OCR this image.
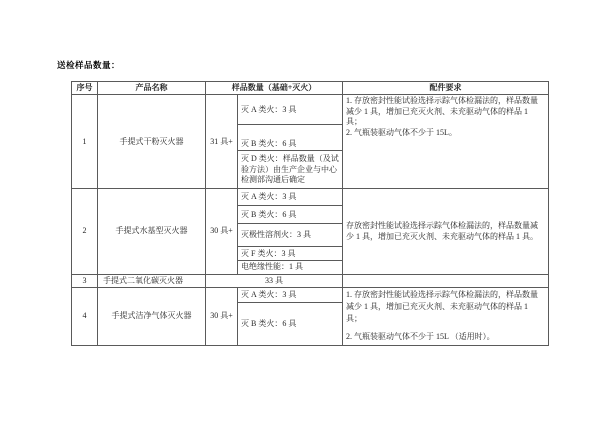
送检样品数量：
序号	产品名称	样品数量（基础+灭火）		配件要求
1	手提式干粉灭火器	31 具+	灭 A 类火：3 具	1. 存放密封性能试验选择示踪气体检漏法的，样品数量减少 1 具，增加已充灭火剂、未充驱动气体的样品 1 具；
2. 气瓶装驱动气体不少于 15L。

			灭 B 类火：6 具	
			灭 D 类火：样品数量（及试验方法）由生产企业与中心检测部沟通后确定	
2	手提式水基型灭火器	30 具+	灭 A 类火：3 具	存放密封性能试验选择示踪气体检漏法的，样品数量减少 1 具，增加已充灭火剂、未充驱动气体的样品 1 具。

			灭 B 类火：6 具	
			灭极性溶剂火：3 具	
			灭 F 类火：3 具	
			电绝缘性能：1 具	
3	手提式二氧化碳灭火器	33 具		
4	手提式洁净气体灭火器	30 具+	灭 A 类火：3 具	1. 存放密封性能试验选择示踪气体检漏法的，样品数量减少 1 具，增加已充灭火剂、未充驱动气体的样品 1 具；
2. 气瓶装驱动气体不少于 15L （适用时）。

			灭 B 类火：6 具	
